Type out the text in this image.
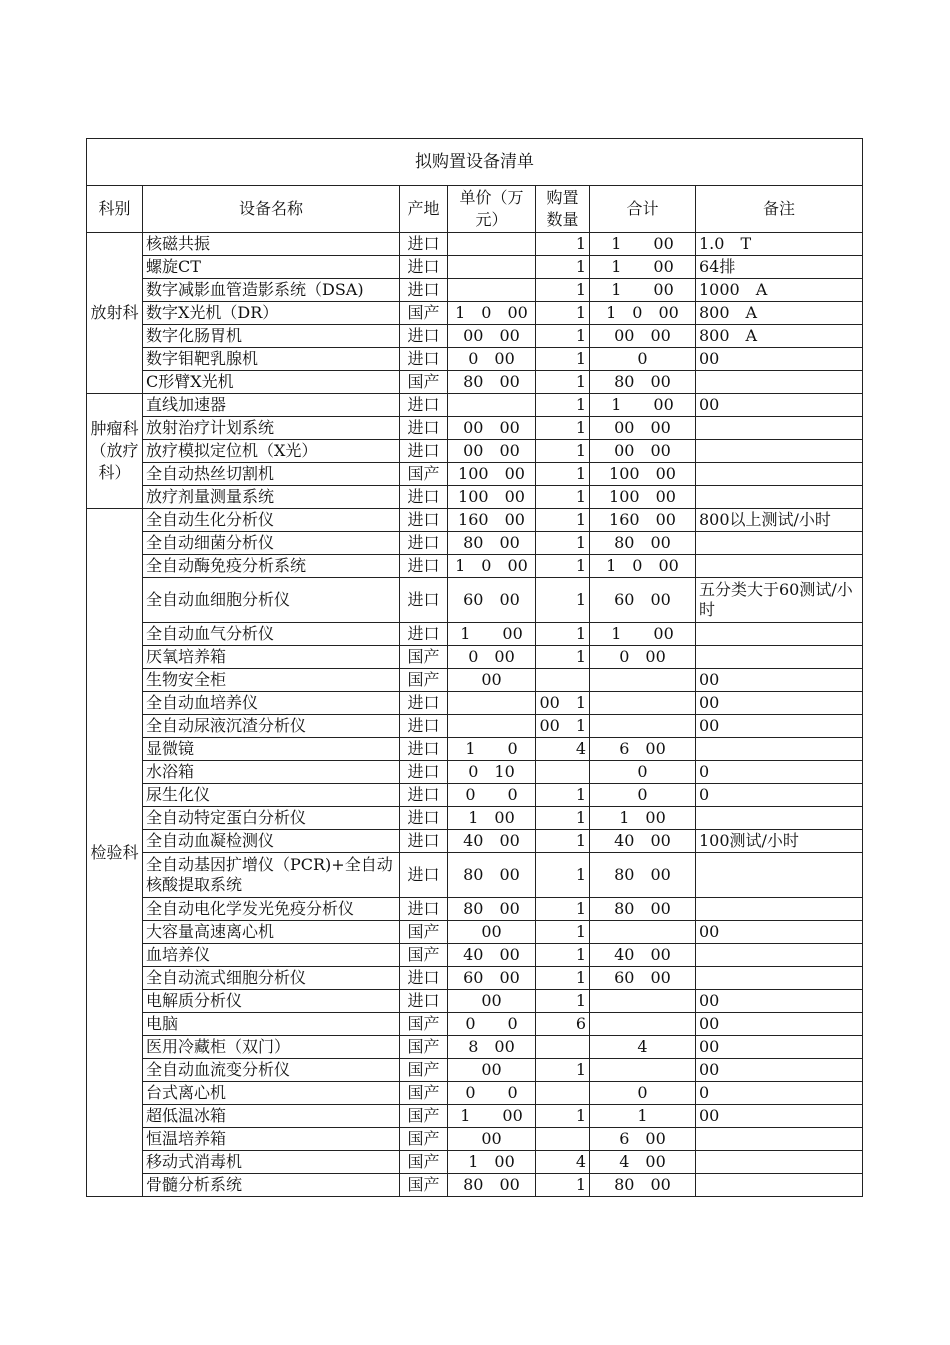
拟购置设备清单						
科别	设备名称	产地	单价（万元）	购置数量	合计	备注
放射科	核磁共振	进口		1	1　　00	1.0　T
	螺旋CT	进口		1	1　　00	64排
	数字减影血管造影系统（DSA)	进口		1	1　　00	1000　A
	数字X光机（DR）	国产	1　0　00	1	1　0　00	800　A
	数字化肠胃机	进口	00　00	1	00　00	800　A
	数字钼靶乳腺机	进口	0　00	1	0	00
	C形臂X光机	国产	80　00	1	80　00	
肿瘤科（放疗科）	直线加速器	进口		1	1　　00	00
	放射治疗计划系统	进口	00　00	1	00　00	
	放疗模拟定位机（X光）	进口	00　00	1	00　00	
	全自动热丝切割机	国产	100　00	1	100　00	
	放疗剂量测量系统	进口	100　00	1	100　00	
检验科	全自动生化分析仪	进口	160　00	1	160　00	800以上测试/小时
	全自动细菌分析仪	进口	80　00	1	80　00	
	全自动酶免疫分析系统	进口	1　0　00	1	1　0　00	
	全自动血细胞分析仪	进口	60　00	1	60　00	五分类大于60测试/小时
	全自动血气分析仪	进口	1　　00	1	1　　00	
	厌氧培养箱	国产	0　00	1	0　00	
	生物安全柜	国产	00			00
	全自动血培养仪	进口		00　1		00
	全自动尿液沉渣分析仪	进口		00　1		00
	显微镜	进口	1　　0	4	6　00	
	水浴箱	进口	0　10		0	0
	尿生化仪	进口	0　　0	1	0	0
	全自动特定蛋白分析仪	进口	1　00	1	1　00	
	全自动血凝检测仪	进口	40　00	1	40　00	100测试/小时
	全自动基因扩增仪（PCR)+全自动核酸提取系统	进口	80　00	1	80　00	
	全自动电化学发光免疫分析仪	进口	80　00	1	80　00	
	大容量高速离心机	国产	00	1		00
	血培养仪	国产	40　00	1	40　00	
	全自动流式细胞分析仪	进口	60　00	1	60　00	
	电解质分析仪	进口	00	1		00
	电脑	国产	0　　0	6		00
	医用冷藏柜（双门）	国产	8　00		4	00
	全自动血流变分析仪	国产	00	1		00
	台式离心机	国产	0　　0		0	0
	超低温冰箱	国产	1　　00	1	1	00
	恒温培养箱	国产	00		6　00	
	移动式消毒机	国产	1　00	4	4　00	
	骨髓分析系统	国产	80　00	1	80　00	
